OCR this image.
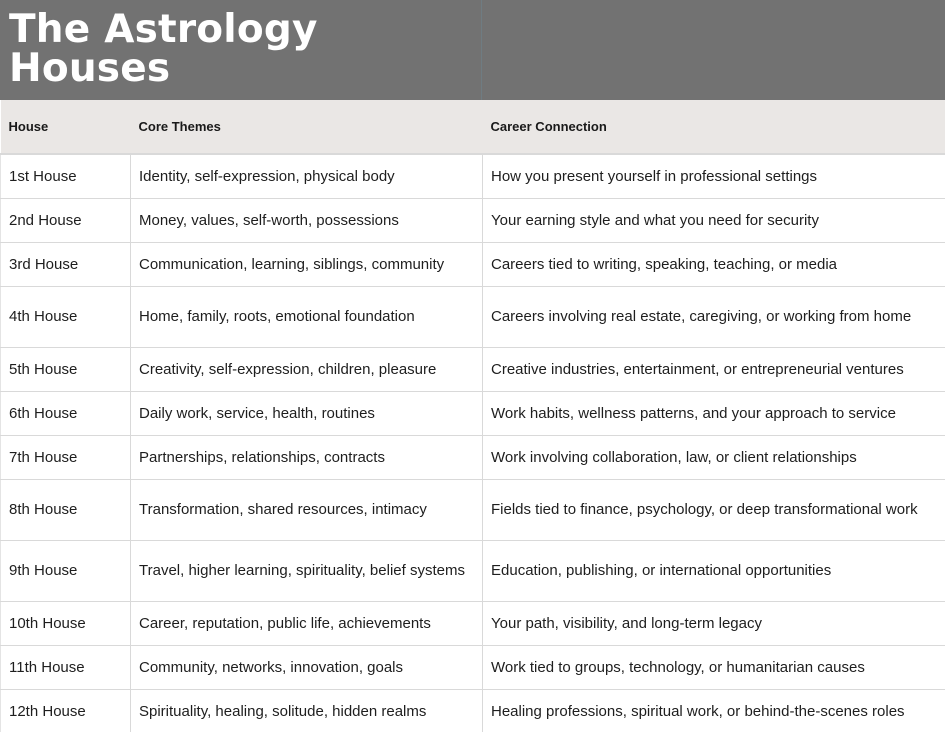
The Astrology Houses
House	Core Themes	Career Connection
1st House	Identity, self-expression, physical body	How you present yourself in professional settings
2nd House	Money, values, self-worth, possessions	Your earning style and what you need for security
3rd House	Communication, learning, siblings, community	Careers tied to writing, speaking, teaching, or media
4th House	Home, family, roots, emotional foundation	Careers involving real estate, caregiving, or working from home
5th House	Creativity, self-expression, children, pleasure	Creative industries, entertainment, or entrepreneurial ventures
6th House	Daily work, service, health, routines	Work habits, wellness patterns, and your approach to service
7th House	Partnerships, relationships, contracts	Work involving collaboration, law, or client relationships
8th House	Transformation, shared resources, intimacy	Fields tied to finance, psychology, or deep transformational work
9th House	Travel, higher learning, spirituality, belief systems	Education, publishing, or international opportunities
10th House	Career, reputation, public life, achievements	Your path, visibility, and long-term legacy
11th House	Community, networks, innovation, goals	Work tied to groups, technology, or humanitarian causes
12th House	Spirituality, healing, solitude, hidden realms	Healing professions, spiritual work, or behind-the-scenes roles
